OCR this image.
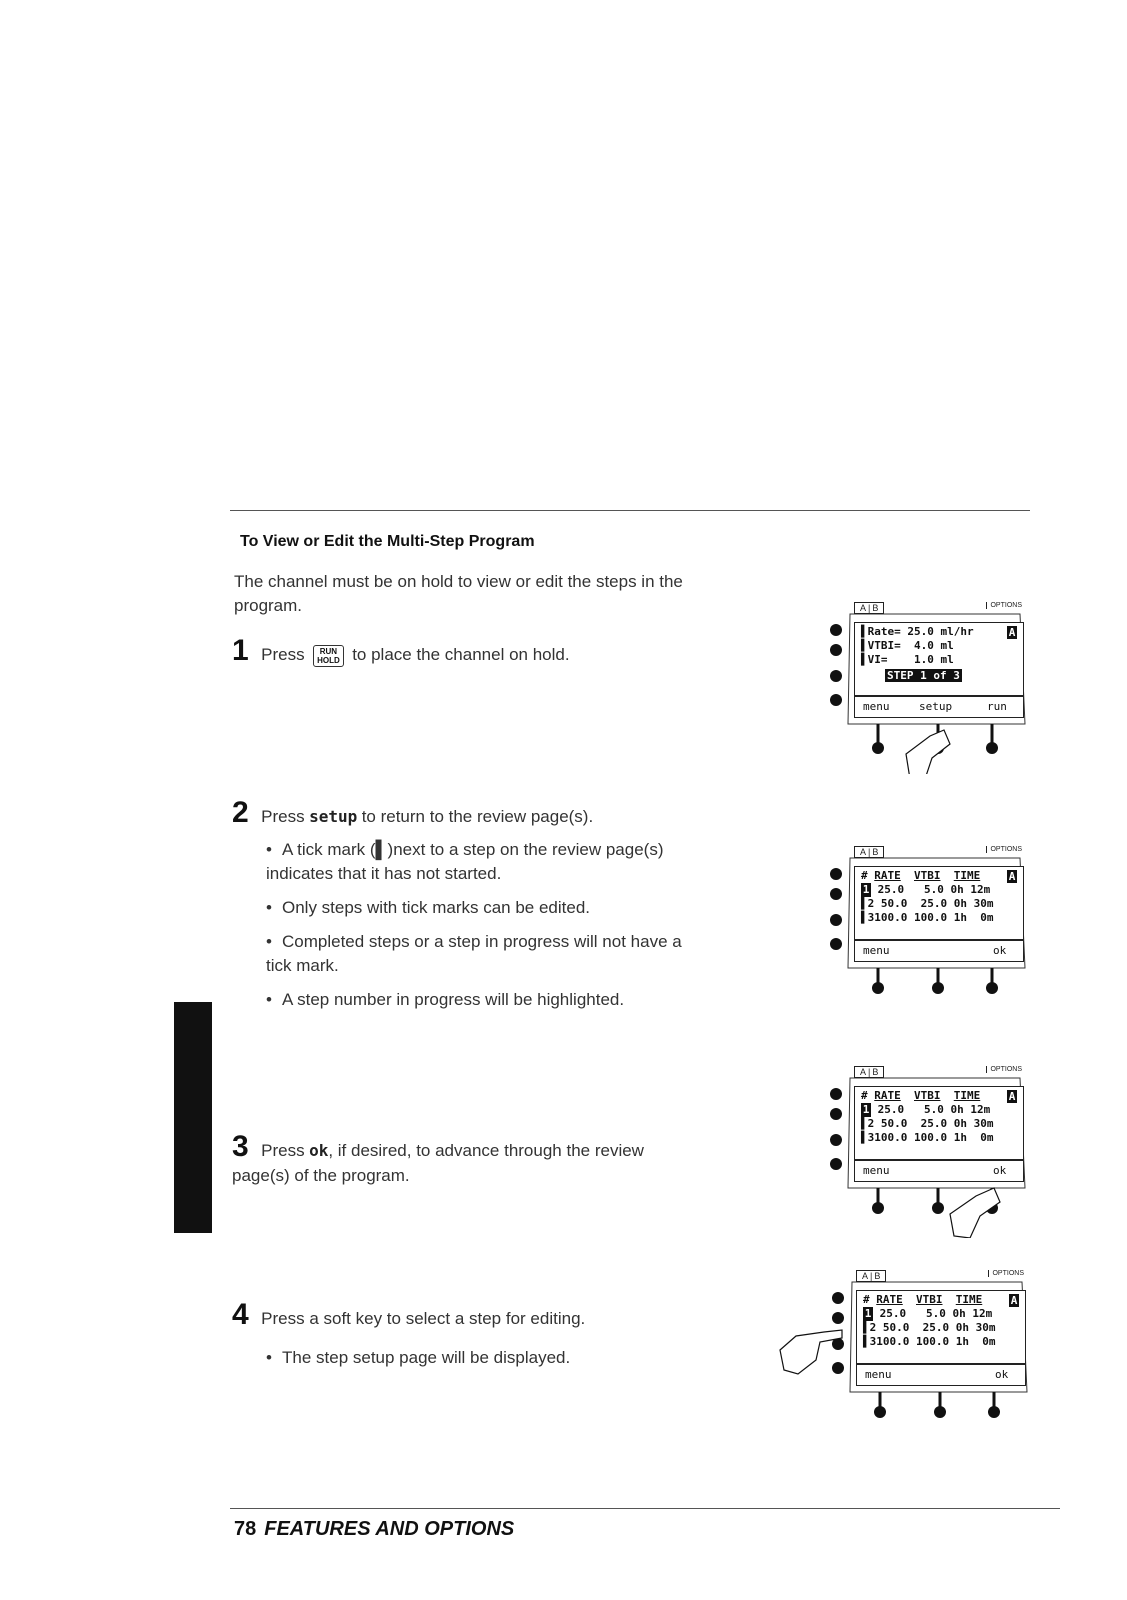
To View or Edit the Multi-Step Program
The channel must be on hold to view or edit the steps in the program.
1 Press	RUN
HOLD to place the channel on hold.
2 Press setup to return to the review page(s).
• A tick mark (▌)next to a step on the review page(s) indicates that it has not started.
• Only steps with tick marks can be edited.
• Completed steps or a step in progress will not have a tick mark.
• A step number in progress will be highlighted.
3 Press ok, if desired, to advance through the review page(s) of the program.
4 Press a soft key to select a step for editing.
• The step setup page will be displayed.
A | B	OPTIONS
▌Rate= 25.0 ml/hr	A
▌VTBI=  4.0 ml
▌VI=    1.0 ml
STEP 1 of 3
menu	setup	run
A | B	OPTIONS
# RATE VTBI TIME	A
1 25.0   5.0 0h 12m
▌2 50.0  25.0 0h 30m
▌3100.0 100.0 1h  0m
menu	ok
A | B	OPTIONS
# RATE VTBI TIME	A
1 25.0   5.0 0h 12m
▌2 50.0  25.0 0h 30m
▌3100.0 100.0 1h  0m
menu	ok
A | B	OPTIONS
# RATE VTBI TIME	A
1 25.0   5.0 0h 12m
▌2 50.0  25.0 0h 30m
▌3100.0 100.0 1h  0m
menu	ok
78 FEATURES AND OPTIONS
